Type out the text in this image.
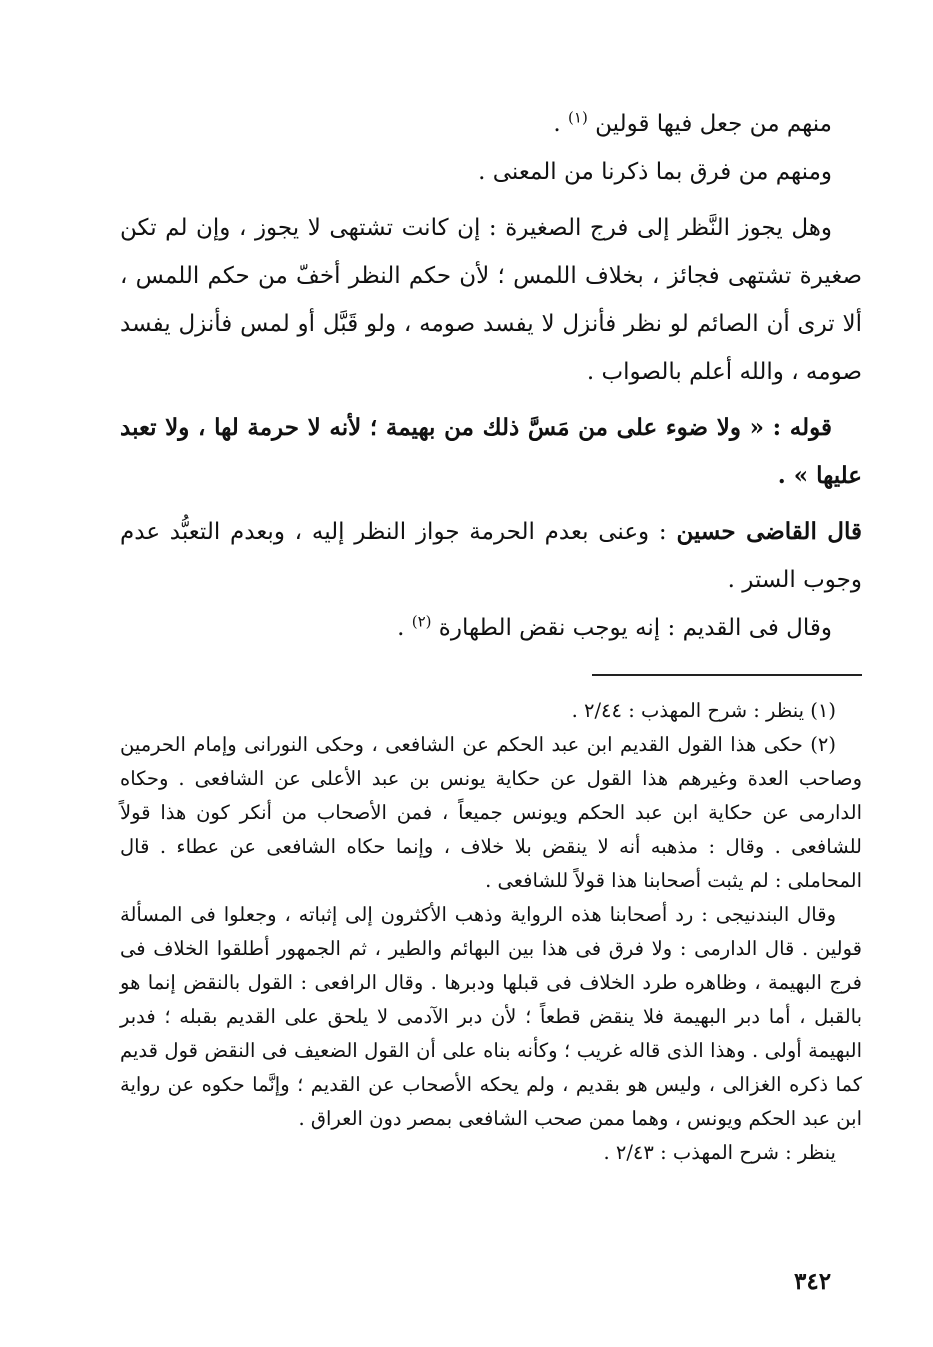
منهم من جعل فيها قولين $^{(١)}$ .

ومنهم من فرق بما ذكرنا من المعنى .

وهل يجوز النَّظر إلى فرج الصغيرة : إن كانت تشتهى لا يجوز ، وإن لم تكن صغيرة تشتهى فجائز ، بخلاف اللمس ؛ لأن حكم النظر أخفّ من حكم اللمس ، ألا ترى أن الصائم لو نظر فأنزل لا يفسد صومه ، ولو قَبَّل أو لمس فأنزل يفسد صومه ، والله أعلم بالصواب .

قوله : « ولا ضوء على من مَسَّ ذلك من بهيمة ؛ لأنه لا حرمة لها ، ولا تعبد عليها » .

قال القاضى حسين : وعنى بعدم الحرمة جواز النظر إليه ، وبعدم التعبُّد عدم وجوب الستر .

وقال فى القديم : إنه يوجب نقض الطهارة $^{(٢)}$ .

(١) ينظر : شرح المهذب : ٢/٤٤ .

(٢) حكى هذا القول القديم ابن عبد الحكم عن الشافعى ، وحكى النورانى وإمام الحرمين وصاحب العدة وغيرهم هذا القول عن حكاية يونس بن عبد الأعلى عن الشافعى . وحكاه الدارمى عن حكاية ابن عبد الحكم ويونس جميعاً ، فمن الأصحاب من أنكر كون هذا قولاً للشافعى . وقال : مذهبه أنه لا ينقض بلا خلاف ، وإنما حكاه الشافعى عن عطاء . قال المحاملى : لم يثبت أصحابنا هذا قولاً للشافعى .

وقال البندنيجى : رد أصحابنا هذه الرواية وذهب الأكثرون إلى إثباته ، وجعلوا فى المسألة قولين . قال الدارمى : ولا فرق فى هذا بين البهائم والطير ، ثم الجمهور أطلقوا الخلاف فى فرج البهيمة ، وظاهره طرد الخلاف فى قبلها ودبرها . وقال الرافعى : القول بالنقض إنما هو بالقبل ، أما دبر البهيمة فلا ينقض قطعاً ؛ لأن دبر الآدمى لا يلحق على القديم بقبله ؛ فدبر البهيمة أولى . وهذا الذى قاله غريب ؛ وكأنه بناه على أن القول الضعيف فى النقض قول قديم كما ذكره الغزالى ، وليس هو بقديم ، ولم يحكه الأصحاب عن القديم ؛ وإنَّما حكوه عن رواية ابن عبد الحكم ويونس ، وهما ممن صحب الشافعى بمصر دون العراق .

ينظر : شرح المهذب : ٢/٤٣ .

٣٤٢
